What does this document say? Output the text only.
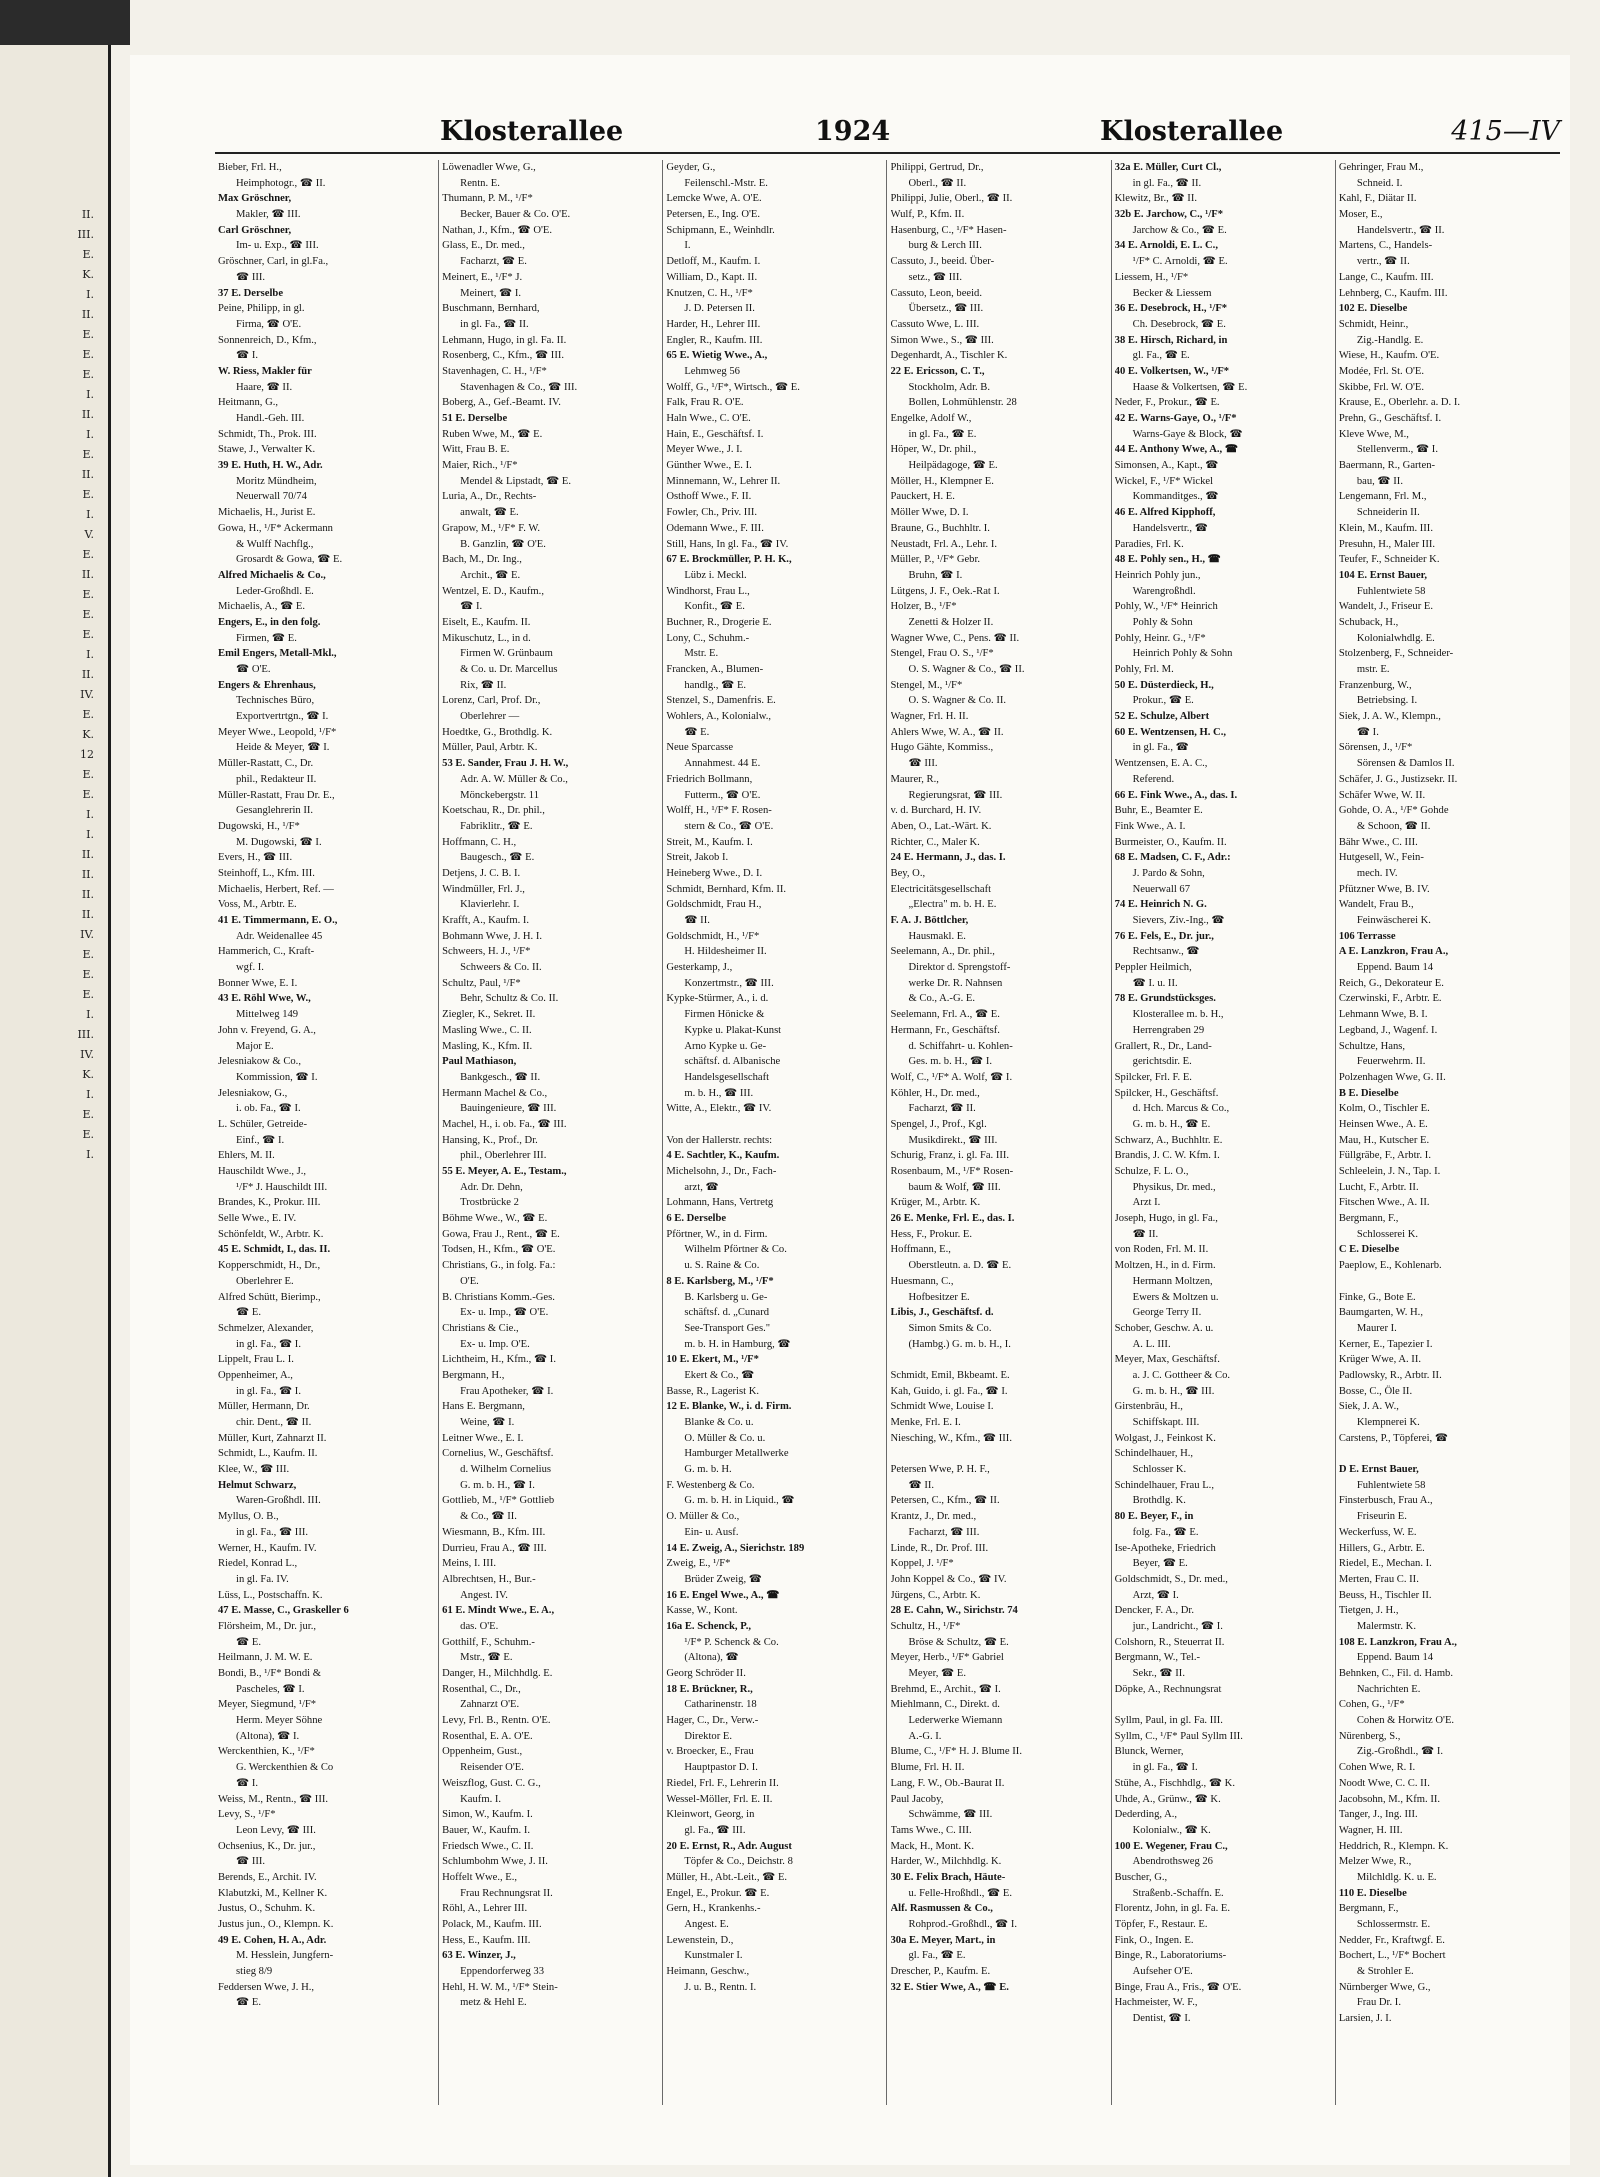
II.
III.
E.
K.
I.
II.
E.
E.
E.
I.
II.
I.
E.
II.
E.
I.
V.
E.
II.
E.
E.
E.
I.
II.
IV.
E.
K.
12
E.
E.
I.
I.
II.
II.
II.
II.
IV.
E.
E.
E.
I.
III.
IV.
K.
I.
E.
E.
I.
Klosterallee	1924	Klosterallee	415—IV
Bieber, Frl. H.,
Heimphotogr., ☎ II.
Max Gröschner,
Makler, ☎ III.
Carl Gröschner,
Im- u. Exp., ☎ III.
Gröschner, Carl, in gl.Fa.,
☎ III.
37 E. Derselbe
Peine, Philipp, in gl.
Firma, ☎ O'E.
Sonnenreich, D., Kfm.,
☎ I.
W. Riess, Makler für
Haare, ☎ II.
Heitmann, G.,
Handl.-Geh. III.
Schmidt, Th., Prok. III.
Stawe, J., Verwalter K.
39 E. Huth, H. W., Adr.
Moritz Mündheim,
Neuerwall 70/74
Michaelis, H., Jurist E.
Gowa, H., ¹/F* Ackermann
& Wulff Nachflg.,
Grosardt & Gowa, ☎ E.
Alfred Michaelis & Co.,
Leder-Großhdl. E.
Michaelis, A., ☎ E.
Engers, E., in den folg.
Firmen, ☎ E.
Emil Engers, Metall-Mkl.,
☎ O'E.
Engers & Ehrenhaus,
Technisches Büro,
Exportvertrtgn., ☎ I.
Meyer Wwe., Leopold, ¹/F*
Heide & Meyer, ☎ I.
Müller-Rastatt, C., Dr.
phil., Redakteur II.
Müller-Rastatt, Frau Dr. E.,
Gesanglehrerin II.
Dugowski, H., ¹/F*
M. Dugowski, ☎ I.
Evers, H., ☎ III.
Steinhoff, L., Kfm. III.
Michaelis, Herbert, Ref. —
Voss, M., Arbtr. E.
41 E. Timmermann, E. O.,
Adr. Weidenallee 45
Hammerich, C., Kraft-
wgf. I.
Bonner Wwe, E. I.
43 E. Röhl Wwe, W.,
Mittelweg 149
John v. Freyend, G. A.,
Major E.
Jelesniakow & Co.,
Kommission, ☎ I.
Jelesniakow, G.,
i. ob. Fa., ☎ I.
L. Schüler, Getreide-
Einf., ☎ I.
Ehlers, M. II.
Hauschildt Wwe., J.,
¹/F* J. Hauschildt III.
Brandes, K., Prokur. III.
Selle Wwe., E. IV.
Schönfeldt, W., Arbtr. K.
45 E. Schmidt, I., das. II.
Kopperschmidt, H., Dr.,
Oberlehrer E.
Alfred Schütt, Bierimp.,
☎ E.
Schmelzer, Alexander,
in gl. Fa., ☎ I.
Lippelt, Frau L. I.
Oppenheimer, A.,
in gl. Fa., ☎ I.
Müller, Hermann, Dr.
chir. Dent., ☎ II.
Müller, Kurt, Zahnarzt II.
Schmidt, L., Kaufm. II.
Klee, W., ☎ III.
Helmut Schwarz,
Waren-Großhdl. III.
Myllus, O. B.,
in gl. Fa., ☎ III.
Werner, H., Kaufm. IV.
Riedel, Konrad L.,
in gl. Fa. IV.
Lüss, L., Postschaffn. K.
47 E. Masse, C., Graskeller 6
Flörsheim, M., Dr. jur.,
☎ E.
Heilmann, J. M. W. E.
Bondi, B., ¹/F* Bondi &
Pascheles, ☎ I.
Meyer, Siegmund, ¹/F*
Herm. Meyer Söhne
(Altona), ☎ I.
Werckenthien, K., ¹/F*
G. Werckenthien & Co
☎ I.
Weiss, M., Rentn., ☎ III.
Levy, S., ¹/F*
Leon Levy, ☎ III.
Ochsenius, K., Dr. jur.,
☎ III.
Berends, E., Archit. IV.
Klabutzki, M., Kellner K.
Justus, O., Schuhm. K.
Justus jun., O., Klempn. K.
49 E. Cohen, H. A., Adr.
M. Hesslein, Jungfern-
stieg 8/9
Feddersen Wwe, J. H.,
☎ E.
Löwenadler Wwe, G.,
Rentn. E.
Thumann, P. M., ¹/F*
Becker, Bauer & Co. O'E.
Nathan, J., Kfm., ☎ O'E.
Glass, E., Dr. med.,
Facharzt, ☎ E.
Meinert, E., ¹/F* J.
Meinert, ☎ I.
Buschmann, Bernhard,
in gl. Fa., ☎ II.
Lehmann, Hugo, in gl. Fa. II.
Rosenberg, C., Kfm., ☎ III.
Stavenhagen, C. H., ¹/F*
Stavenhagen & Co., ☎ III.
Boberg, A., Gef.-Beamt. IV.
51 E. Derselbe
Ruben Wwe, M., ☎ E.
Witt, Frau B. E.
Maier, Rich., ¹/F*
Mendel & Lipstadt, ☎ E.
Luria, A., Dr., Rechts-
anwalt, ☎ E.
Grapow, M., ¹/F* F. W.
B. Ganzlin, ☎ O'E.
Bach, M., Dr. Ing.,
Archit., ☎ E.
Wentzel, E. D., Kaufm.,
☎ I.
Eiselt, E., Kaufm. II.
Mikuschutz, L., in d.
Firmen W. Grünbaum
& Co. u. Dr. Marcellus
Rix, ☎ II.
Lorenz, Carl, Prof. Dr.,
Oberlehrer —
Hoedtke, G., Brothdlg. K.
Müller, Paul, Arbtr. K.
53 E. Sander, Frau J. H. W.,
Adr. A. W. Müller & Co.,
Mönckebergstr. 11
Koetschau, R., Dr. phil.,
Fabriklitr., ☎ E.
Hoffmann, C. H.,
Baugesch., ☎ E.
Detjens, J. C. B. I.
Windmüller, Frl. J.,
Klavierlehr. I.
Krafft, A., Kaufm. I.
Bohmann Wwe, J. H. I.
Schweers, H. J., ¹/F*
Schweers & Co. II.
Schultz, Paul, ¹/F*
Behr, Schultz & Co. II.
Ziegler, K., Sekret. II.
Masling Wwe., C. II.
Masling, K., Kfm. II.
Paul Mathiason,
Bankgesch., ☎ II.
Hermann Machel & Co.,
Bauingenieure, ☎ III.
Machel, H., i. ob. Fa., ☎ III.
Hansing, K., Prof., Dr.
phil., Oberlehrer III.
55 E. Meyer, A. E., Testam.,
Adr. Dr. Dehn,
Trostbrücke 2
Böhme Wwe., W., ☎ E.
Gowa, Frau J., Rent., ☎ E.
Todsen, H., Kfm., ☎ O'E.
Christians, G., in folg. Fa.:
O'E.
B. Christians Komm.-Ges.
Ex- u. Imp., ☎ O'E.
Christians & Cie.,
Ex- u. Imp. O'E.
Lichtheim, H., Kfm., ☎ I.
Bergmann, H.,
Frau Apotheker, ☎ I.
Hans E. Bergmann,
Weine, ☎ I.
Leitner Wwe., E. I.
Cornelius, W., Geschäftsf.
d. Wilhelm Cornelius
G. m. b. H., ☎ I.
Gottlieb, M., ¹/F* Gottlieb
& Co., ☎ II.
Wiesmann, B., Kfm. III.
Durrieu, Frau A., ☎ III.
Meins, I. III.
Albrechtsen, H., Bur.-
Angest. IV.
61 E. Mindt Wwe., E. A.,
das. O'E.
Gotthilf, F., Schuhm.-
Mstr., ☎ E.
Danger, H., Milchhdlg. E.
Rosenthal, C., Dr.,
Zahnarzt O'E.
Levy, Frl. B., Rentn. O'E.
Rosenthal, E. A. O'E.
Oppenheim, Gust.,
Reisender O'E.
Weiszflog, Gust. C. G.,
Kaufm. I.
Simon, W., Kaufm. I.
Bauer, W., Kaufm. I.
Friedsch Wwe., C. II.
Schlumbohm Wwe, J. II.
Hoffelt Wwe., E.,
Frau Rechnungsrat II.
Röhl, A., Lehrer III.
Polack, M., Kaufm. III.
Hess, E., Kaufm. III.
63 E. Winzer, J.,
Eppendorferweg 33
Hehl, H. W. M., ¹/F* Stein-
metz & Hehl E.
Geyder, G.,
Feilenschl.-Mstr. E.
Lemcke Wwe, A. O'E.
Petersen, E., Ing. O'E.
Schipmann, E., Weinhdlr.
I.
Detloff, M., Kaufm. I.
William, D., Kapt. II.
Knutzen, C. H., ¹/F*
J. D. Petersen II.
Harder, H., Lehrer III.
Engler, R., Kaufm. III.
65 E. Wietig Wwe., A.,
Lehmweg 56
Wolff, G., ¹/F*, Wirtsch., ☎ E.
Falk, Frau R. O'E.
Haln Wwe., C. O'E.
Hain, E., Geschäftsf. I.
Meyer Wwe., J. I.
Günther Wwe., E. I.
Minnemann, W., Lehrer II.
Osthoff Wwe., F. II.
Fowler, Ch., Priv. III.
Odemann Wwe., F. III.
Still, Hans, In gl. Fa., ☎ IV.
67 E. Brockmüller, P. H. K.,
Lübz i. Meckl.
Windhorst, Frau L.,
Konfit., ☎ E.
Buchner, R., Drogerie E.
Lony, C., Schuhm.-
Mstr. E.
Francken, A., Blumen-
handlg., ☎ E.
Stenzel, S., Damenfris. E.
Wohlers, A., Kolonialw.,
☎ E.
Neue Sparcasse
Annahmest. 44 E.
Friedrich Bollmann,
Futterm., ☎ O'E.
Wolff, H., ¹/F* F. Rosen-
stern & Co., ☎ O'E.
Streit, M., Kaufm. I.
Streit, Jakob I.
Heineberg Wwe., D. I.
Schmidt, Bernhard, Kfm. II.
Goldschmidt, Frau H.,
☎ II.
Goldschmidt, H., ¹/F*
H. Hildesheimer II.
Gesterkamp, J.,
Konzertmstr., ☎ III.
Kypke-Stürmer, A., i. d.
Firmen Hönicke &
Kypke u. Plakat-Kunst
Arno Kypke u. Ge-
schäftsf. d. Albanische
Handelsgesellschaft
m. b. H., ☎ III.
Witte, A., Elektr., ☎ IV.
Von der Hallerstr. rechts:
4 E. Sachtler, K., Kaufm.
Michelsohn, J., Dr., Fach-
arzt, ☎
Lohmann, Hans, Vertretg
6 E. Derselbe
Pförtner, W., in d. Firm.
Wilhelm Pförtner & Co.
u. S. Raine & Co.
8 E. Karlsberg, M., ¹/F*
B. Karlsberg u. Ge-
schäftsf. d. „Cunard
See-Transport Ges."
m. b. H. in Hamburg, ☎
10 E. Ekert, M., ¹/F*
Ekert & Co., ☎
Basse, R., Lagerist K.
12 E. Blanke, W., i. d. Firm.
Blanke & Co. u.
O. Müller & Co. u.
Hamburger Metallwerke
G. m. b. H.
F. Westenberg & Co.
G. m. b. H. in Liquid., ☎
O. Müller & Co.,
Ein- u. Ausf.
14 E. Zweig, A., Sierichstr. 189
Zweig, E., ¹/F*
Brüder Zweig, ☎
16 E. Engel Wwe., A., ☎
Kasse, W., Kont.
16a E. Schenck, P.,
¹/F* P. Schenck & Co.
(Altona), ☎
Georg Schröder II.
18 E. Brückner, R.,
Catharinenstr. 18
Hager, C., Dr., Verw.-
Direktor E.
v. Broecker, E., Frau
Hauptpastor D. I.
Riedel, Frl. F., Lehrerin II.
Wessel-Möller, Frl. E. II.
Kleinwort, Georg, in
gl. Fa., ☎ III.
20 E. Ernst, R., Adr. August
Töpfer & Co., Deichstr. 8
Müller, H., Abt.-Leit., ☎ E.
Engel, E., Prokur. ☎ E.
Gern, H., Krankenhs.-
Angest. E.
Lewenstein, D.,
Kunstmaler I.
Heimann, Geschw.,
J. u. B., Rentn. I.
Philippi, Gertrud, Dr.,
Oberl., ☎ II.
Philippi, Julie, Oberl., ☎ II.
Wulf, P., Kfm. II.
Hasenburg, C., ¹/F* Hasen-
burg & Lerch III.
Cassuto, J., beeid. Über-
setz., ☎ III.
Cassuto, Leon, beeid.
Übersetz., ☎ III.
Cassuto Wwe, L. III.
Simon Wwe., S., ☎ III.
Degenhardt, A., Tischler K.
22 E. Ericsson, C. T.,
Stockholm, Adr. B.
Bollen, Lohmühlenstr. 28
Engelke, Adolf W.,
in gl. Fa., ☎ E.
Höper, W., Dr. phil.,
Heilpädagoge, ☎ E.
Möller, H., Klempner E.
Pauckert, H. E.
Möller Wwe, D. I.
Braune, G., Buchhltr. I.
Neustadt, Frl. A., Lehr. I.
Müller, P., ¹/F* Gebr.
Bruhn, ☎ I.
Lütgens, J. F., Oek.-Rat I.
Holzer, B., ¹/F*
Zenetti & Holzer II.
Wagner Wwe, C., Pens. ☎ II.
Stengel, Frau O. S., ¹/F*
O. S. Wagner & Co., ☎ II.
Stengel, M., ¹/F*
O. S. Wagner & Co. II.
Wagner, Frl. H. II.
Ahlers Wwe, W. A., ☎ II.
Hugo Gähte, Kommiss.,
☎ III.
Maurer, R.,
Regierungsrat, ☎ III.
v. d. Burchard, H. IV.
Aben, O., Lat.-Wärt. K.
Richter, C., Maler K.
24 E. Hermann, J., das. I.
Bey, O.,
Electricitätsgesellschaft
„Electra" m. b. H. E.
F. A. J. Böttlcher,
Hausmakl. E.
Seelemann, A., Dr. phil.,
Direktor d. Sprengstoff-
werke Dr. R. Nahnsen
& Co., A.-G. E.
Seelemann, Frl. A., ☎ E.
Hermann, Fr., Geschäftsf.
d. Schiffahrt- u. Kohlen-
Ges. m. b. H., ☎ I.
Wolf, C., ¹/F* A. Wolf, ☎ I.
Köhler, H., Dr. med.,
Facharzt, ☎ II.
Spengel, J., Prof., Kgl.
Musikdirekt., ☎ III.
Schurig, Franz, i. gl. Fa. III.
Rosenbaum, M., ¹/F* Rosen-
baum & Wolf, ☎ III.
Krüger, M., Arbtr. K.
26 E. Menke, Frl. E., das. I.
Hess, F., Prokur. E.
Hoffmann, E.,
Oberstleutn. a. D. ☎ E.
Huesmann, C.,
Hofbesitzer E.
Libis, J., Geschäftsf. d.
Simon Smits & Co.
(Hambg.) G. m. b. H., I.
Schmidt, Emil, Bkbeamt. E.
Kah, Guido, i. gl. Fa., ☎ I.
Schmidt Wwe, Louise I.
Menke, Frl. E. I.
Niesching, W., Kfm., ☎ III.
Petersen Wwe, P. H. F.,
☎ II.
Petersen, C., Kfm., ☎ II.
Krantz, J., Dr. med.,
Facharzt, ☎ III.
Linde, R., Dr. Prof. III.
Koppel, J. ¹/F*
John Koppel & Co., ☎ IV.
Jürgens, C., Arbtr. K.
28 E. Cahn, W., Sirichstr. 74
Schultz, H., ¹/F*
Bröse & Schultz, ☎ E.
Meyer, Herb., ¹/F* Gabriel
Meyer, ☎ E.
Brehmd, E., Archit., ☎ I.
Miehlmann, C., Direkt. d.
Lederwerke Wiemann
A.-G. I.
Blume, C., ¹/F* H. J. Blume II.
Blume, Frl. H. II.
Lang, F. W., Ob.-Baurat II.
Paul Jacoby,
Schwämme, ☎ III.
Tams Wwe., C. III.
Mack, H., Mont. K.
Harder, W., Milchhdlg. K.
30 E. Felix Brach, Häute-
u. Felle-Hroßhdl., ☎ E.
Alf. Rasmussen & Co.,
Rohprod.-Großhdl., ☎ I.
30a E. Meyer, Mart., in
gl. Fa., ☎ E.
Drescher, P., Kaufm. E.
32 E. Stier Wwe, A., ☎ E.
32a E. Müller, Curt Cl.,
in gl. Fa., ☎ II.
Klewitz, Br., ☎ II.
32b E. Jarchow, C., ¹/F*
Jarchow & Co., ☎ E.
34 E. Arnoldi, E. L. C.,
¹/F* C. Arnoldi, ☎ E.
Liessem, H., ¹/F*
Becker & Liessem
36 E. Desebrock, H., ¹/F*
Ch. Desebrock, ☎ E.
38 E. Hirsch, Richard, in
gl. Fa., ☎ E.
40 E. Volkertsen, W., ¹/F*
Haase & Volkertsen, ☎ E.
Neder, F., Prokur., ☎ E.
42 E. Warns-Gaye, O., ¹/F*
Warns-Gaye & Block, ☎
44 E. Anthony Wwe, A., ☎
Simonsen, A., Kapt., ☎
Wickel, F., ¹/F* Wickel
Kommanditges., ☎
46 E. Alfred Kipphoff,
Handelsvertr., ☎
Paradies, Frl. K.
48 E. Pohly sen., H., ☎
Heinrich Pohly jun.,
Warengroßhdl.
Pohly, W., ¹/F* Heinrich
Pohly & Sohn
Pohly, Heinr. G., ¹/F*
Heinrich Pohly & Sohn
Pohly, Frl. M.
50 E. Düsterdieck, H.,
Prokur., ☎ E.
52 E. Schulze, Albert
60 E. Wentzensen, H. C.,
in gl. Fa., ☎
Wentzensen, E. A. C.,
Referend.
66 E. Fink Wwe., A., das. I.
Buhr, E., Beamter E.
Fink Wwe., A. I.
Burmeister, O., Kaufm. II.
68 E. Madsen, C. F., Adr.:
J. Pardo & Sohn,
Neuerwall 67
74 E. Heinrich N. G.
Sievers, Ziv.-Ing., ☎
76 E. Fels, E., Dr. jur.,
Rechtsanw., ☎
Peppler Heilmich,
☎ I. u. II.
78 E. Grundstücksges.
Klosterallee m. b. H.,
Herrengraben 29
Grallert, R., Dr., Land-
gerichtsdir. E.
Spilcker, Frl. F. E.
Spilcker, H., Geschäftsf.
d. Hch. Marcus & Co.,
G. m. b. H., ☎ E.
Schwarz, A., Buchhltr. E.
Brandis, J. C. W. Kfm. I.
Schulze, F. L. O.,
Physikus, Dr. med.,
Arzt I.
Joseph, Hugo, in gl. Fa.,
☎ II.
von Roden, Frl. M. II.
Moltzen, H., in d. Firm.
Hermann Moltzen,
Ewers & Moltzen u.
George Terry II.
Schober, Geschw. A. u.
A. L. III.
Meyer, Max, Geschäftsf.
a. J. C. Gottheer & Co.
G. m. b. H., ☎ III.
Girstenbräu, H.,
Schiffskapt. III.
Wolgast, J., Feinkost K.
Schindelhauer, H.,
Schlosser K.
Schindelhauer, Frau L.,
Brothdlg. K.
80 E. Beyer, F., in
folg. Fa., ☎ E.
Ise-Apotheke, Friedrich
Beyer, ☎ E.
Goldschmidt, S., Dr. med.,
Arzt, ☎ I.
Dencker, F. A., Dr.
jur., Landricht., ☎ I.
Colshorn, R., Steuerrat II.
Bergmann, W., Tel.-
Sekr., ☎ II.
Döpke, A., Rechnungsrat
Syllm, Paul, in gl. Fa. III.
Syllm, C., ¹/F* Paul Syllm III.
Blunck, Werner,
in gl. Fa., ☎ I.
Stühe, A., Fischhdlg., ☎ K.
Uhde, A., Grünw., ☎ K.
Dederding, A.,
Kolonialw., ☎ K.
100 E. Wegener, Frau C.,
Abendrothsweg 26
Buscher, G.,
Straßenb.-Schaffn. E.
Florentz, John, in gl. Fa. E.
Töpfer, F., Restaur. E.
Fink, O., Ingen. E.
Binge, R., Laboratoriums-
Aufseher O'E.
Binge, Frau A., Fris., ☎ O'E.
Hachmeister, W. F.,
Dentist, ☎ I.
Gehringer, Frau M.,
Schneid. I.
Kahl, F., Diätar II.
Moser, E.,
Handelsvertr., ☎ II.
Martens, C., Handels-
vertr., ☎ II.
Lange, C., Kaufm. III.
Lehnberg, C., Kaufm. III.
102 E. Dieselbe
Schmidt, Heinr.,
Zig.-Handlg. E.
Wiese, H., Kaufm. O'E.
Modée, Frl. St. O'E.
Skibbe, Frl. W. O'E.
Krause, E., Oberlehr. a. D. I.
Prehn, G., Geschäftsf. I.
Kleve Wwe, M.,
Stellenverm., ☎ I.
Baermann, R., Garten-
bau, ☎ II.
Lengemann, Frl. M.,
Schneiderin II.
Klein, M., Kaufm. III.
Presuhn, H., Maler III.
Teufer, F., Schneider K.
104 E. Ernst Bauer,
Fuhlentwiete 58
Wandelt, J., Friseur E.
Schuback, H.,
Kolonialwhdlg. E.
Stolzenberg, F., Schneider-
mstr. E.
Franzenburg, W.,
Betriebsing. I.
Siek, J. A. W., Klempn.,
☎ I.
Sörensen, J., ¹/F*
Sörensen & Damlos II.
Schäfer, J. G., Justizsekr. II.
Schäfer Wwe, W. II.
Gohde, O. A., ¹/F* Gohde
& Schoon, ☎ II.
Bähr Wwe., C. III.
Hutgesell, W., Fein-
mech. IV.
Pfützner Wwe, B. IV.
Wandelt, Frau B.,
Feinwäscherei K.
106 Terrasse
A E. Lanzkron, Frau A.,
Eppend. Baum 14
Reich, G., Dekorateur E.
Czerwinski, F., Arbtr. E.
Lehmann Wwe, B. I.
Legband, J., Wagenf. I.
Schultze, Hans,
Feuerwehrm. II.
Polzenhagen Wwe, G. II.
B E. Dieselbe
Kolm, O., Tischler E.
Heinsen Wwe., A. E.
Mau, H., Kutscher E.
Füllgräbe, F., Arbtr. I.
Schleelein, J. N., Tap. I.
Lucht, F., Arbtr. II.
Fitschen Wwe., A. II.
Bergmann, F.,
Schlosserei K.
C E. Dieselbe
Paeplow, E., Kohlenarb.
Finke, G., Bote E.
Baumgarten, W. H.,
Maurer I.
Kerner, E., Tapezier I.
Krüger Wwe, A. II.
Padlowsky, R., Arbtr. II.
Bosse, C., Öle II.
Siek, J. A. W.,
Klempnerei K.
Carstens, P., Töpferei, ☎
D E. Ernst Bauer,
Fuhlentwiete 58
Finsterbusch, Frau A.,
Friseurin E.
Weckerfuss, W. E.
Hillers, G., Arbtr. E.
Riedel, E., Mechan. I.
Merten, Frau C. II.
Beuss, H., Tischler II.
Tietgen, J. H.,
Malermstr. K.
108 E. Lanzkron, Frau A.,
Eppend. Baum 14
Behnken, C., Fil. d. Hamb.
Nachrichten E.
Cohen, G., ¹/F*
Cohen & Horwitz O'E.
Nürenberg, S.,
Zig.-Großhdl., ☎ I.
Cohen Wwe, R. I.
Noodt Wwe, C. C. II.
Jacobsohn, M., Kfm. II.
Tanger, J., Ing. III.
Wagner, H. III.
Heddrich, R., Klempn. K.
Melzer Wwe, R.,
Milchldlg. K. u. E.
110 E. Dieselbe
Bergmann, F.,
Schlossermstr. E.
Nedder, Fr., Kraftwgf. E.
Bochert, L., ¹/F* Bochert
& Strohler E.
Nürnberger Wwe, G.,
Frau Dr. I.
Larsien, J. I.
